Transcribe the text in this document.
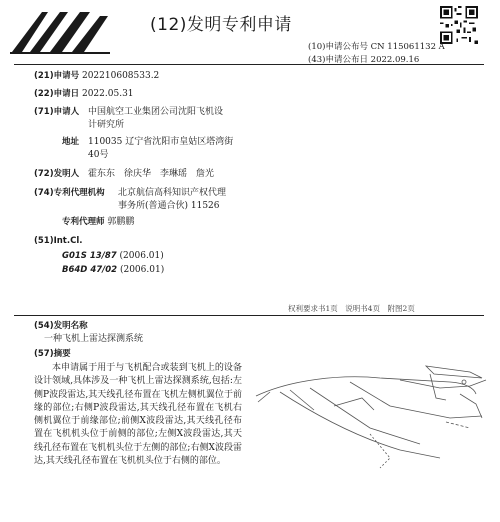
(12)发明专利申请
(10)申请公布号 CN 115061132 A
(43)申请公布日 2022.09.16
(21)申请号 202210608533.2
(22)申请日 2022.05.31
(71)申请人 中国航空工业集团公司沈阳飞机设
计研究所
地址 110035 辽宁省沈阳市皇姑区塔湾街
40号
(72)发明人 霍东东　徐庆华　李琳瑶　詹光
(74)专利代理机构 北京航信高科知识产权代理
事务所(普通合伙) 11526
专利代理师 郭鹏鹏
(51)Int.Cl.
G01S 13/87 (2006.01)
B64D 47/02 (2006.01)
权利要求书1页　说明书4页　附图2页
(54)发明名称
一种飞机上雷达探测系统
(57)摘要
本申请属于用于与飞机配合或装到飞机上的设备设计领域,具体涉及一种飞机上雷达探测系统,包括:左侧P波段雷达,其天线孔径布置在飞机左侧机翼位于前缘的部位;右侧P波段雷达,其天线孔径布置在飞机右侧机翼位于前缘部位;前侧X波段雷达,其天线孔径布置在飞机机头位于前侧的部位;左侧X波段雷达,其天线孔径布置在飞机机头位于左侧的部位;右侧X波段雷达,其天线孔径布置在飞机机头位于右侧的部位。
